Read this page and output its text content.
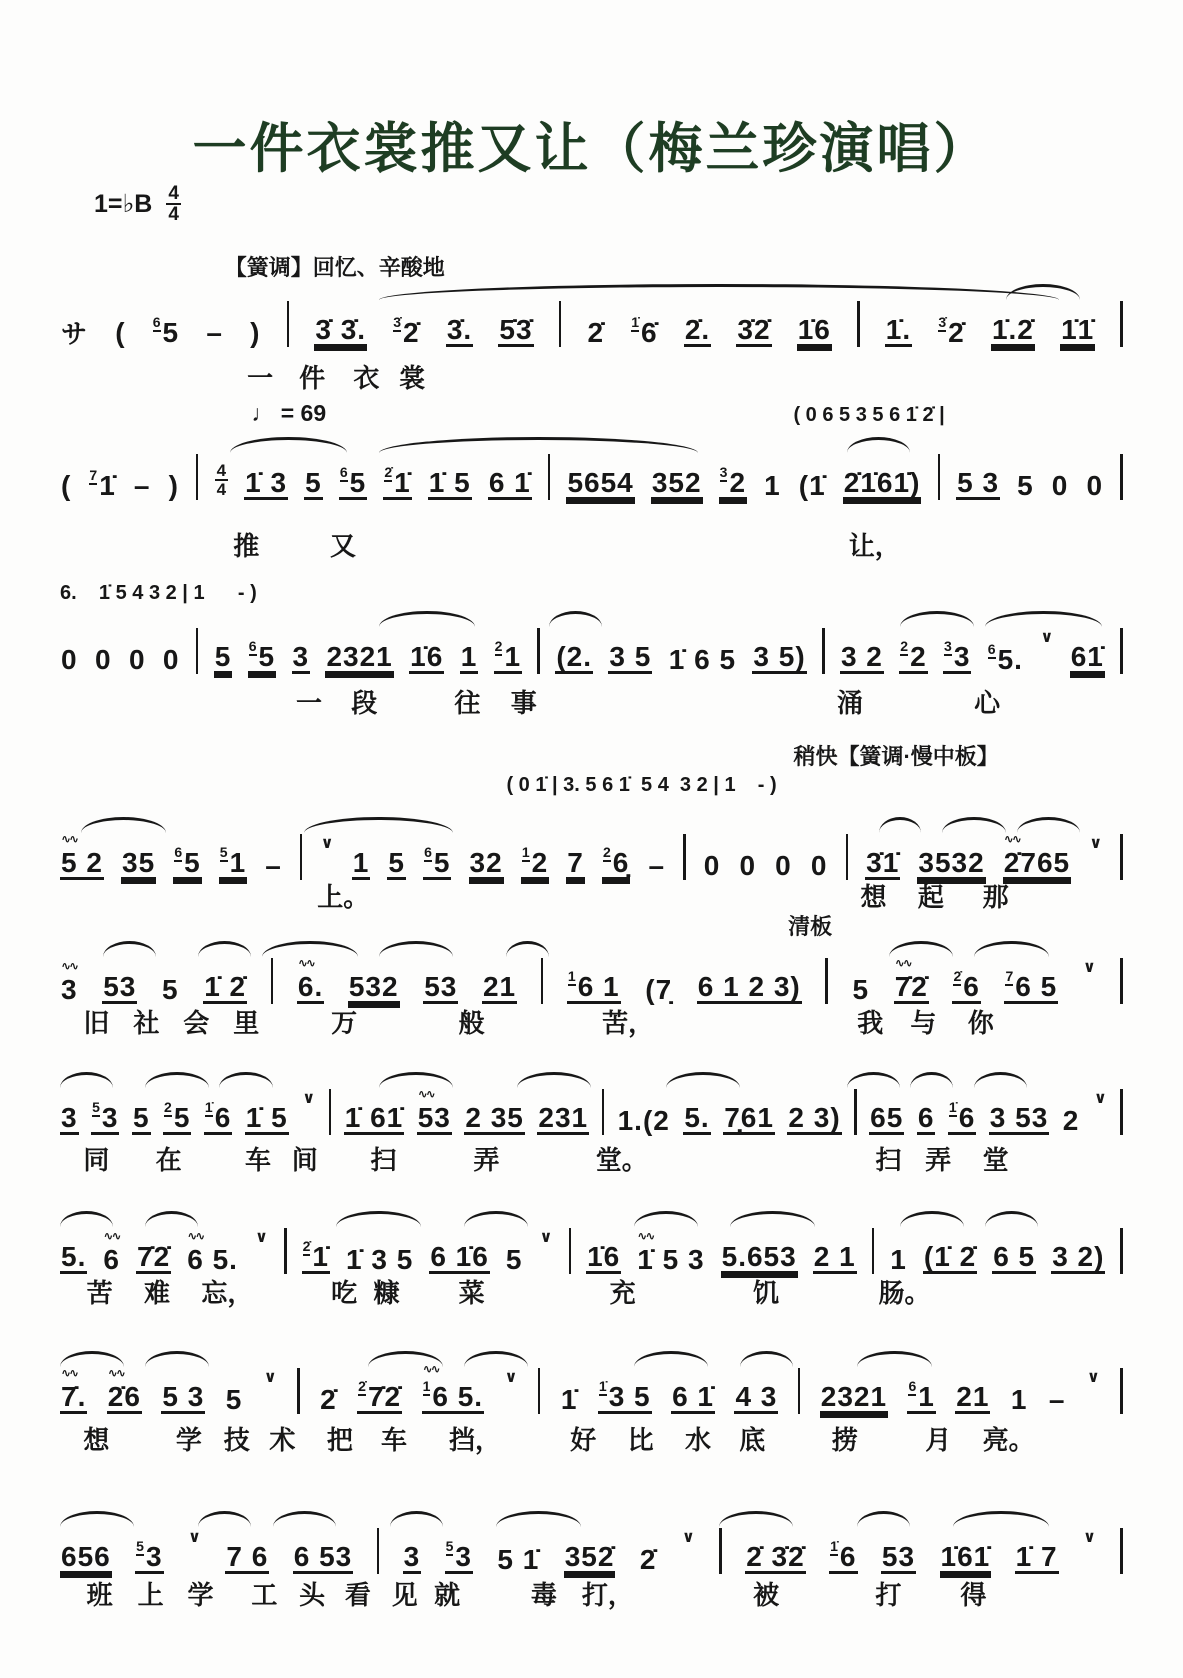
一件衣裳推又让（梅兰珍演唱）
1=♭B 4
4
【簧调】回忆、辛酸地
サ ( $^6$5 – ) 3̇ 3̇. $^{3̇}$2̇ 3̇. 5̇3̇ 2̇ $^{1̇}$6̇ 2̇. 3̇2̇ 1̇6 1̇. $^{3̇}$2̇ 1̇.2̇ 1̇1̇
一 件 衣 裳
♩ = 69	( 0 6 5 3 5 6 1̇ 2̇ |
( $^7$1̇ – ) 4
4 1̇ 3 5 $^6$5 $^{2̇}$1̇ 1̇ 5 6 1̇ 5654 352 $^3$2 1 (1̇ 2̇1̇61̇) 5 3 5 0 0
推	又	让，
6.    1̇ 5 4 3 2 | 1      - )
0 0 0 0 5 $^6$5 3 2321 1̇6 1 $^2$1 (2. 3 5 1̇ 6 5 3 5) 3 2 $^2$2 $^3$3 $^6$5.
∨
61̇
一 段	往 事	涌	心
稍快【簧调·慢中板】
( 0 1̇ | 3. 5 6 1̇  5 4  3 2 | 1    - )
∿∿ 5 2 35 $^6$5 $^5$1 –
∨
1 5 $^6$5 32 $^1$2 7 $^2$6̣ – 0 0 0 0 3̇1̇ 3532 ∿∿ 2̇765
∨
上。	想 起 那
清板
∿∿ 3 53 5 1̇ 2̇ ∿∿ 6. 532 53 21	$^1$6 1 (7̣ 6 1 2 3) 5 ∿∿ 7̇2̇ $^{2̇}$6 $^7$6 5
∨
旧 社 会 里	万	般	苦，	我 与 你
3 $^5$3 5 $^2$5 $^{1̇}$6 1̇ 5
∨
1̇ 61̇ ∿∿ 53 2 35 231 1.(2 5. 7̣61 2 3) 65 6 $^{1̇}$6 3 53 2
∨
同 在 车 间 扫	弄	堂。	扫 弄 堂
5. ∿∿ 6 7̇2̇ ∿∿ 6 5.
∨ $^{2̇}$1̇ 1̇ 3 5 6 1̇6 5
∨
1̇6 ∿∿ 1̇ 5 3 5.653 2 1 1 (1̇ 2̇ 6 5 3 2)
苦 难 忘，	吃 糠 菜	充	饥	肠。
∿∿ 7̇. ∿∿ 2̇6 5 3 5
∨
2̇ $^{2̇}$7̇2̇ ∿∿ $^1$6 5.
∨
1̇ $^{1̇}$3 5 6 1̇ 4 3 2321 $^6$1 21 1 –
∨
想	学 技 术 把 车 挡，	好 比 水 底	捞	月 亮。
656 $^5$3
∨
7 6 6 53 3 $^5$3 5 1̇ 352̇ 2̇
∨
2̇ 3̇2̇ $^{1̇}$6 53 1̇61̇ 1̇ 7
∨
班 上 学 工 头 看 见 就	毒 打，	被	打 得
